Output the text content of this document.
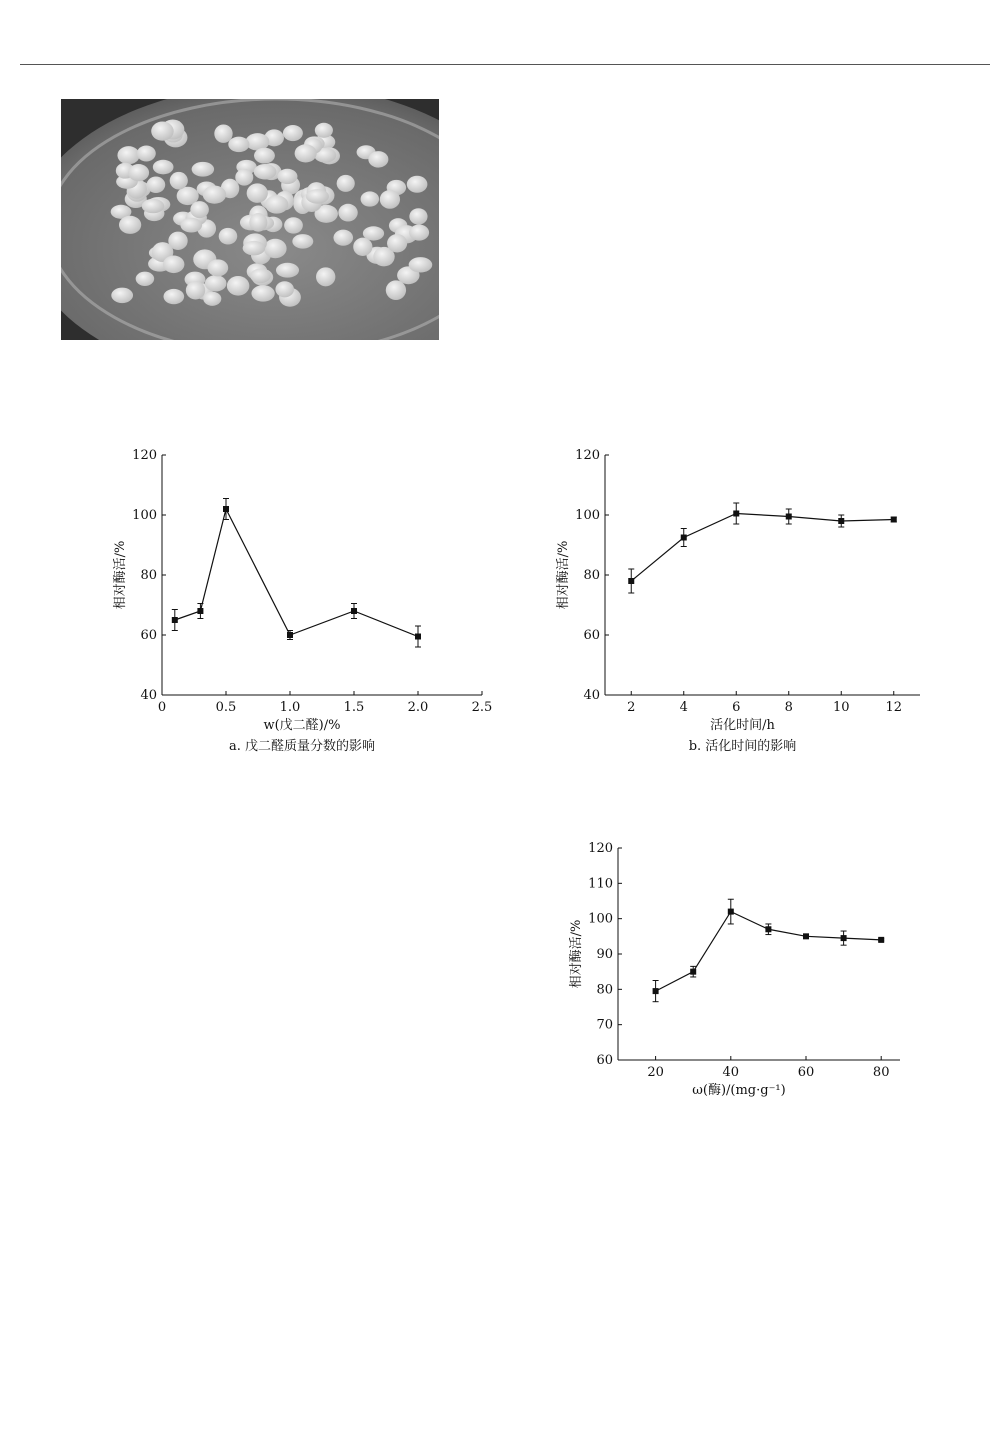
40
60
80
100
120
0	0.5	1.0	1.5	2.0	2.5
w(戊二醛)/%
相对酶活/%
a. 戊二醛质量分数的影响
40
60
80
100
120
2	4	6	8	10	12
活化时间/h
相对酶活/%
b. 活化时间的影响
60
70
80
90
100
110
120
20	40	60	80
ω(酶)/(mg·g⁻¹)
相对酶活/%
